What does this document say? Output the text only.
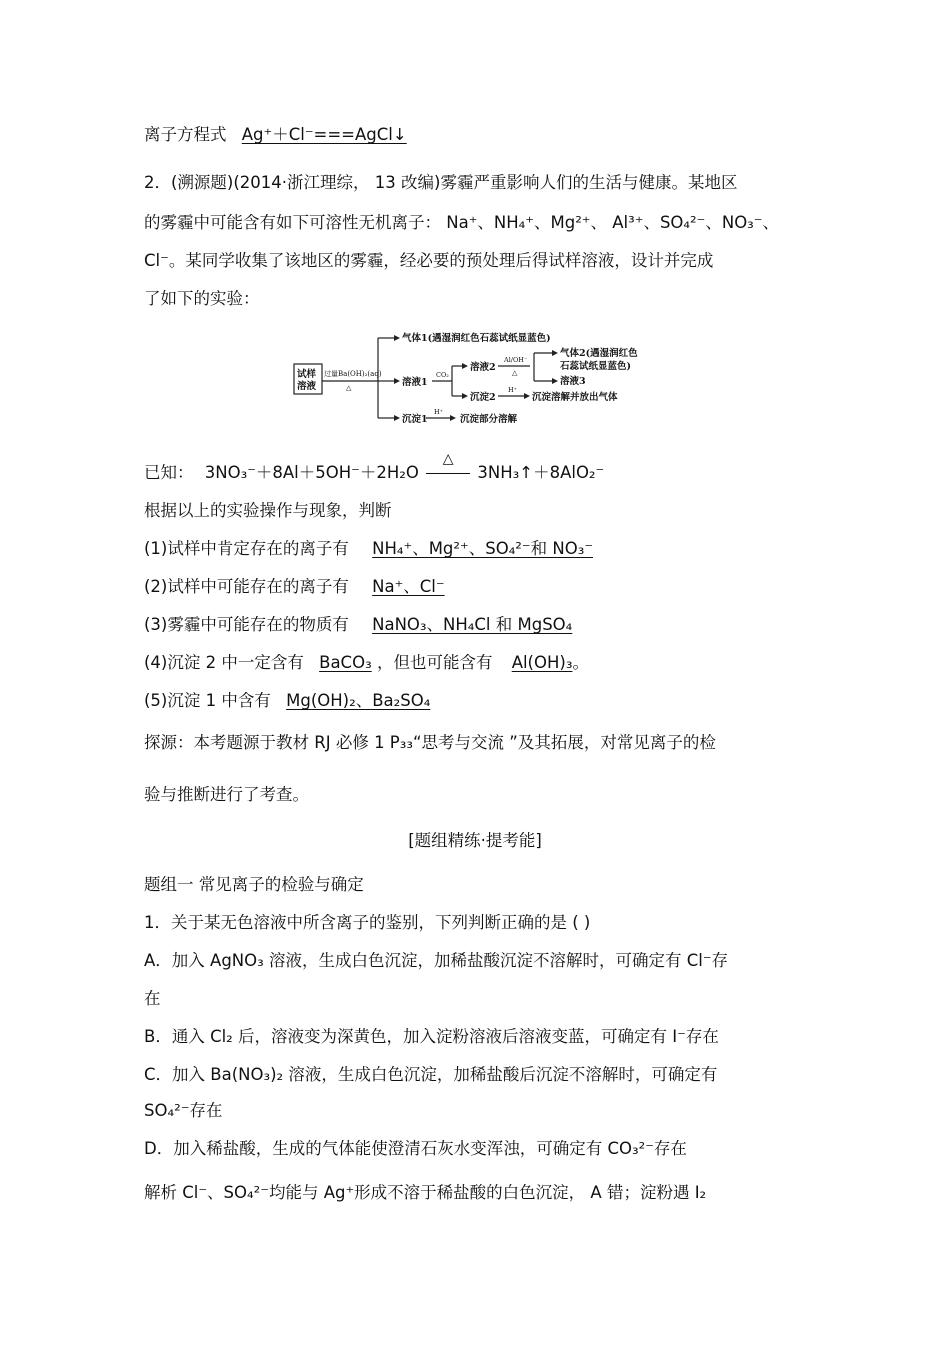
离子方程式 Ag⁺＋Cl⁻===AgCl↓
2．(溯源题)(2014·浙江理综， 13 改编)雾霾严重影响人们的生活与健康。某地区
的雾霾中可能含有如下可溶性无机离子： Na⁺、NH₄⁺、Mg²⁺、 Al³⁺、SO₄²⁻、NO₃⁻、
Cl⁻。某同学收集了该地区的雾霾，经必要的预处理后得试样溶液，设计并完成
了如下的实验：
试样
溶液
过量Ba(OH)₂(aq)
△
气体1(遇湿润红色石蕊试纸显蓝色)
溶液1
CO₂
溶液2
Al/OH⁻
△
气体2(遇湿润红色
石蕊试纸显蓝色)
溶液3
沉淀2
H⁺
沉淀溶解并放出气体
沉淀1
H⁺
沉淀部分溶解
已知： 3NO₃⁻＋8Al＋5OH⁻＋2H₂O
△
3NH₃↑＋8AlO₂⁻
根据以上的实验操作与现象，判断
(1)试样中肯定存在的离子有 NH₄⁺、Mg²⁺、SO₄²⁻和 NO₃⁻
(2)试样中可能存在的离子有 Na⁺、Cl⁻
(3)雾霾中可能存在的物质有 NaNO₃、NH₄Cl 和 MgSO₄
(4)沉淀 2 中一定含有 BaCO₃ ，但也可能含有 Al(OH)₃。
(5)沉淀 1 中含有 Mg(OH)₂、Ba₂SO₄
探源：本考题源于教材 RJ 必修 1 P₃₃“思考与交流 ”及其拓展，对常见离子的检
验与推断进行了考查。
[题组精练·提考能]
题组一 常见离子的检验与确定
1．关于某无色溶液中所含离子的鉴别，下列判断正确的是 ( )
A．加入 AgNO₃ 溶液，生成白色沉淀，加稀盐酸沉淀不溶解时，可确定有 Cl⁻存
在
B．通入 Cl₂ 后，溶液变为深黄色，加入淀粉溶液后溶液变蓝，可确定有 I⁻存在
C．加入 Ba(NO₃)₂ 溶液，生成白色沉淀，加稀盐酸后沉淀不溶解时，可确定有
SO₄²⁻存在
D．加入稀盐酸，生成的气体能使澄清石灰水变浑浊，可确定有 CO₃²⁻存在
解析 Cl⁻、SO₄²⁻均能与 Ag⁺形成不溶于稀盐酸的白色沉淀， A 错；淀粉遇 I₂
